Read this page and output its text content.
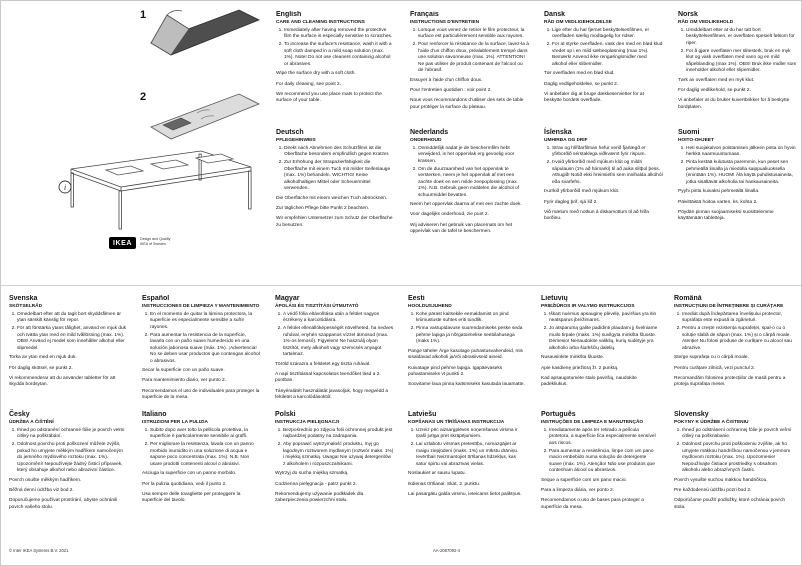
1
2
i
IKEA
Design and Quality
IKEA of Sweden
English
CARE AND CLEANING INSTRUCTIONS
1. Immediately after having removed the protective film the surface is especially sensitive to scratches.
2. To increase the surface's resistance, wash it with a soft cloth damped in a mild soap solution (max. 1%). Note! Do not use cleaners containing alcohol or abrasives.

Wipe the surface dry with a soft cloth.

For daily cleaning, see point 2.

We recommend you use place mats to protect the surface of your table.

Deutsch
PFLEGEHINWEIS
1. Direkt nach Abnehmen des Schutzfilms ist die Oberfläche besonders empfindlich gegen Kratzer.
2. Zur Erhöhung der Strapazierfähigkeit die Oberfläche mit einem Tuch mit milder Seifenlauge (max. 1%) behandeln. WICHTIG! Keine alkoholhaltigen Mittel oder Scheuermittel verwenden.

Die Oberfläche mit einem weichen Tuch abtrocknen.

Zur täglichen Pflege bitte Punkt 2 beachten.

Wir empfehlen Untersetzer zum Schutz der Oberfläche zu benutzen.

Français
INSTRUCTIONS D'ENTRETIEN
1. Lorsque vous venez de retirer le film protecteur, la surface est particulièrement sensible aux rayures.
2. Pour renforcer la résistance de la surface, lavez-la à l'aide d'un chiffon doux, préalablement trempé dans une solution savonneuse (max. 1%). ATTENTION! Ne pas utiliser de produit contenant de l'alcool ou de l'abrasif.

Essuyer à l'aide d'un chiffon doux.

Pour l'entretien quotidien : voir point 2.

Nous vous recommandons d'utiliser des sets de table pour protéger la surface du plateau.

Nederlands
ONDERHOUD
1. Onmiddellijk nadat je de beschermfilm hebt verwijderd, is het oppervlak erg gevoelig voor krassen.
2. Om de duurzaamheid van het oppervlak te versterken, neem je het oppervlak af met een zachte doek en een milde zeepoplossing (max. 1%). N.B. Gebruik geen middelen die alcohol of schuurmiddel bevatten.

Neem het oppervlak daarna af met een zachte doek.

Voor dagelijks onderhoud, zie punt 2.

Wij adviseren het gebruik van placemats om het oppervlak van de tafel te beschermen.

Dansk
RÅD OM VEDLIGEHOLDELSE
1. Lige efter du har fjernet beskyttelsesfilmen, er overfladen særlig modtagelig for ridser.
2. For at styrke overfladen, vask den med en blød klud vredet op i en mild sæbeopløsning (max 1%). Bemærk! Anvend ikke rengøringsmidler med alkohol eller slibemidler.

Tør overfladen med en blød klud.

Daglig vedligeholdelse, se punkt 2.

Vi anbefaler dig at bruge dækkeservietter for at beskytte bordets overflade.

Íslenska
UMHIRÐA OG ÞRIF
1. Strax og hlífðarfilman hefur verið fjarlægð er yfirborðið sérstaklega viðkvæmt fyrir rispum.
2. Þvoið yfirborðið með mjúkum klút og mildri sápulausn (1% að hámarki) til að auka slitþol þess. Athugið! Notið ekki hreinsiefni sem innihalda alkóhól eða svarfefni.

Þurrkið yfirborðið með mjúkum klút.

Fyrir dagleg þrif, sjá lið 2.

Við mælum með notkun á diskamottum til að hlífa borðinu.

Norsk
RÅD OM VEDLIKEHOLD
1. Umiddelbart etter at du har tatt bort beskyttelsesfilmen, er overflaten spesielt følsom for riper.
2. For å gjøre overflaten mer slitesterk, bruk en myk klut og vask overflaten med vann og en mild såpeblanding (max 1%). OBS! Bruk ikke midler som inneholder alkohol eller slipemidler.

Tørk av overflaten med en myk klut.

For daglig vedlikehold, se punkt 2.

Vi anbefaler at du bruker kuvertbrikker for å beskytte bordplaten.

Suomi
HOITO-OHJEET
1. Heti suojakalvon poistamisen jälkeen pinta on hyvin herkkä naarmuuntumaan.
2. Pinta kestää kulutusta paremmin, kun peset sen pehmeällä liinalla ja miedolla saippualiuoksella (enintään 1%). HUOM! Älä käytä puhdistusaineita, jotka sisältävät alkoholia tai hankausaineita.

Pyyhi pinta kuivaksi pehmeällä liinalla.

Päivittäistä hoitoa varten, ks. kohta 2.

Pöydän pinnan suojaamiseksi suosittelemme käyttämään tabletteja.

Svenska
SKÖTSELRÅD
1. Omedelbart efter att du tagit bort skyddsfilmen är ytan särskilt känslig för repor.
2. För att förstärka ytans tålighet, använd en mjuk duk och tvätta ytan med en mild tvållösning (max. 1%). OBS! Använd ej medel som innehåller alkohol eller slipmedel.

Torka av ytan med en mjuk duk.

För daglig skötsel, se punkt 2.

Vi rekommenderar att du använder tabletter för att skydda bordsytan.

Česky
ÚDRŽBA A ČIŠTĚNÍ
1. Ihned po odstranění ochranné fólie je povrch velmi citlivý na poškrábání.
2. Odolnost povrchu proti poškození můžete zvýšit, pokud ho umyjete měkkým hadříkem namočeným do jemného mýdlového roztoku (max. 1%). Upozornění! Nepoužívejte žádný čisticí přípravek, který obsahuje alkohol nebo abrazivní částice.

Povrch osušte měkkým hadříkem.

Běžná denní údržba viz bod 2.

Doporučujeme používat prostírání, abyste ochránili povrch vašeho stolu.

Español
INSTRUCCIONES DE LIMPIEZA Y MANTENIMIENTO
1. En el momento de quitar la lámina protectora, la superficie es especialmente sensible a sufrir rayones.
2. Para aumentar la resistencia de la superficie, lavarla con un paño suave humedecido en una solución jabonosa suave (máx. 1%). ¡Advertencia! No se deben usar productos que contengan alcohol o abrasivos.

Secar la superficie con un paño suave.

Para mantenimiento diario, ver punto 2.

Recomendamos el uso de individuales para proteger la superficie de la mesa.

Italiano
ISTRUZIONI PER LA PULIZIA
1. Subito dopo aver tolto la pellicola protettiva, la superficie è particolarmente sensibile ai graffi.
2. Per migliorare la resistenza, lavala con un panno morbido inumidito in una soluzione di acqua e sapone poco concentrata (max. 1%). N.B. Non usare prodotti contenenti alcool o abrasivi.

Asciuga la superficie con un panno morbido.

Per la pulizia quotidiana, vedi il punto 2.

Usa sempre delle tovagliette per proteggere la superficie del tavolo.

Magyar
ÁPOLÁSI ÉS TISZTÍTÁSI ÚTMUTATÓ
1. A védő fólia eltávolítása után a felület nagyon érzékeny a karcolódásra.
2. A felület ellenállóképességét növelheted, ha nedves ruhával, enyhén szappanos vízzel átmosod (max. 1%-os lemosó). Figyelem! Ne használj olyan tisztítót, mely alkoholt vagy szemcsés anyagot tartalmaz.

Töröld szárazra a felületet egy tiszta ruhával.

A napi tisztítással kapcsolatos teendőket lásd a 2. pontban.

Tányéralátét használatát javasoljuk, hogy megvédd a felületet a karcolódásoktól.

Polski
INSTRUKCJA PIELĘGNACJI
1. Bezpośrednio po zdjęciu folii ochronnej produkt jest najbardziej podatny na zadrapania.
2. Aby poprawić wytrzymałość produktu, myj go łagodnym roztworem mydlanym (roztwór maks. 1%) i miękką szmatką. Uwaga! Nie używaj detergentów z alkoholem i rozpuszczalnikami.

Wytrzyj do sucha miękką szmatką.

Codzienna pielęgnacja - patrz punkt 2.

Rekomendujemy używanie podkładek dla zabezpieczenia powierzchni stołu.

Eesti
HOOLDUSJUHEND
1. Kohe pärast kaitsekile eemaldamist on pind kriimustuste suhtes eriti tundlik.
2. Pinna vastupidavuse suurendamiseks peske seda pehme lapiga ja nõrgatoimelise seebilahusega (maks 1%).

Pange tähele! Ärge kasutage puhastusvahendeid, mis sisaldavad alkoholi ja/või abrasiivseid aineid.

Kuivatage pind pehme lapiga. Igapäevaseks puhastamiseks vt punkti 2.

Soovitame laua pinna kaitsmiseks kasutada lauamatte.

Latviešu
KOPŠANAS UN TĪRĪŠANAS INSTRUKCIJA
1. Uzreiz pēc aizsargplēves noņemšanas virsma ir īpaši jutīga pret skrāpējumiem.
2. Lai uzlabotu virsmas pretestību, nomazgājiet ar maigu ziepjūdeni (maks. 1%) un mīkstu drāniņu. Ievērībai! Neizmantojiet tīrīšanas līdzekļus, kas satur spirtu vai abrazīvas vielas.

Noslaukiet ar sausu lupatu.

Ikdienas tīrīšanai: Skat. 2. punktu.

Lai pasargātu galda virsmu, ieteicams lietot paliktņus.

Lietuvių
PRIEŽIŪROS IR VALYMO INSTRUKCIJOS
1. Iškart nuėmus apsauginę plėvelę, paviršius yra itin neatsparus įbrėžimams.
2. Jo atsparumą galite padidinti plaudami jį švelniame muilo tirpale (maks. 1%) suvilgyta minkšta šluoste. Dėmesio! Nenaudokite valiklių, kurių sudėtyje yra alkoholio arba šiurkščių dalelių.

Nusausinkite minkšta šluoste.

Apie kasdienę priežiūrą žr. 2 punktą.

Kad apsaugotumėte stalo paviršių, naudokite padėkliukus.

Português
INSTRUÇÕES DE LIMPEZA E MANUTENÇÃO
1. Imediatamente após ter retirado a película protetora, a superfície fica especialmente sensível aos riscos.
2. Para aumentar a resistência, limpe com um pano macio embebido numa solução de detergente suave (máx. 1%). Atenção! Não use produtos que contenham álcool ou abrasivos.

Seque a superfície com um pano macio.

Para a limpeza diária, ver ponto 2.

Recomendamos o uso de bases para proteger a superfície da mesa.

Română
INSTRUCȚIUNI DE ÎNTREȚINERE ȘI CURĂȚARE
1. Imediat după îndepărtarea învelișului protector, suprafața este expusă la zgârieturi.
2. Pentru a crește rezistența suprafeței, spal-o cu o soluție slabă de săpun (max. 1%) și o cârpă moale. Atenție! Nu folosi produse de curățare cu alcool sau abrazive.

Șterge suprafața cu o cârpă moale.

Pentru curățare zilnică, vezi punctul 2.

Recomandăm folosirea protecțiilor de masă pentru a proteja suprafața mesei.

Slovensky
POKYNY K ÚDRŽBE A ČISTENIU
1. Ihneď po odstránení ochrannej fólie je povrch veľmi citlivý na poškriabanie.
2. Odolnosť povrchu proti poškodeniu zvýšite, ak ho umyjete mäkkou handričkou namočenou v jemnom mydlovom roztoku (max. 1%). Upozornenie! Nepoužívajte čistiace prostriedky s obsahom alkoholu alebo abrazívnych častíc.

Povrch vysušte suchou mäkkou handričkou.

Pre každodennú údržbu pozri bod 2.

Odporúčame použiť podložky, ktoré ochránia povrch stola.

© Inter IKEA Systems B.V. 2021	AA-2087092-4
